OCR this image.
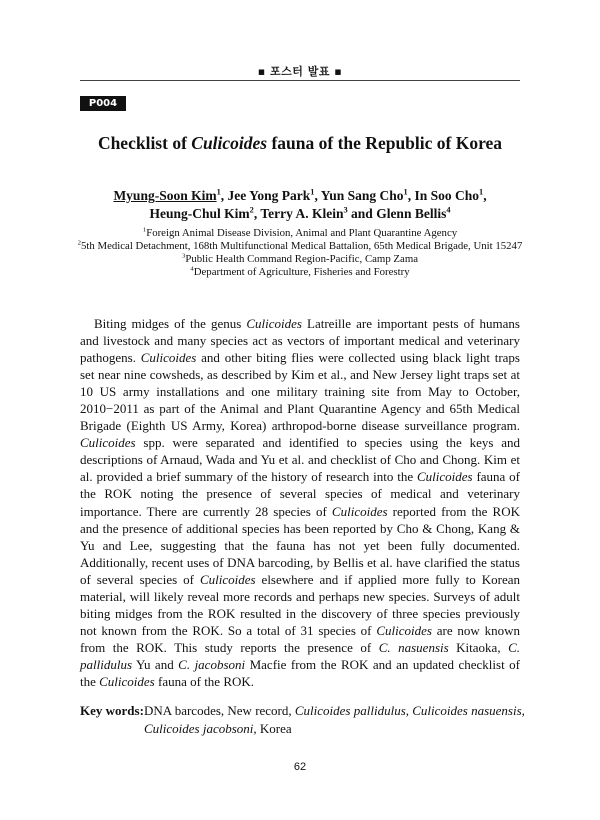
▪ 포스터 발표 ▪
P004
Checklist of Culicoides fauna of the Republic of Korea
Myung-Soon Kim$^1$, Jee Yong Park$^1$, Yun Sang Cho$^1$, In Soo Cho$^1$,
Heung-Chul Kim$^2$, Terry A. Klein$^3$ and Glenn Bellis$^4$
$^1$Foreign Animal Disease Division, Animal and Plant Quarantine Agency
$^2$5th Medical Detachment, 168th Multifunctional Medical Battalion, 65th Medical Brigade, Unit 15247
$^3$Public Health Command Region-Pacific, Camp Zama
$^4$Department of Agriculture, Fisheries and Forestry

Biting midges of the genus Culicoides Latreille are important pests of humans and livestock and many species act as vectors of important medical and veterinary pathogens. Culicoides and other biting flies were collected using black light traps set near nine cowsheds, as described by Kim et al., and New Jersey light traps set at 10 US army installations and one military training site from May to October, 2010−2011 as part of the Animal and Plant Quarantine Agency and 65th Medical Brigade (Eighth US Army, Korea) arthropod-borne disease surveillance program. Culicoides spp. were separated and identified to species using the keys and descriptions of Arnaud, Wada and Yu et al. and checklist of Cho and Chong. Kim et al. provided a brief summary of the history of research into the Culicoides fauna of the ROK noting the presence of several species of medical and veterinary importance. There are currently 28 species of Culicoides reported from the ROK and the presence of additional species has been reported by Cho & Chong, Kang & Yu and Lee, suggesting that the fauna has not yet been fully documented. Additionally, recent uses of DNA barcoding, by Bellis et al. have clarified the status of several species of Culicoides elsewhere and if applied more fully to Korean material, will likely reveal more records and perhaps new species. Surveys of adult biting midges from the ROK resulted in the discovery of three species previously not known from the ROK. So a total of 31 species of Culicoides are now known from the ROK. This study reports the presence of C. nasuensis Kitaoka, C. pallidulus Yu and C. jacobsoni Macfie from the ROK and an updated checklist of the Culicoides fauna of the ROK.

Key words: DNA barcodes, New record, Culicoides pallidulus, Culicoides nasuensis,
Culicoides jacobsoni, Korea
62
